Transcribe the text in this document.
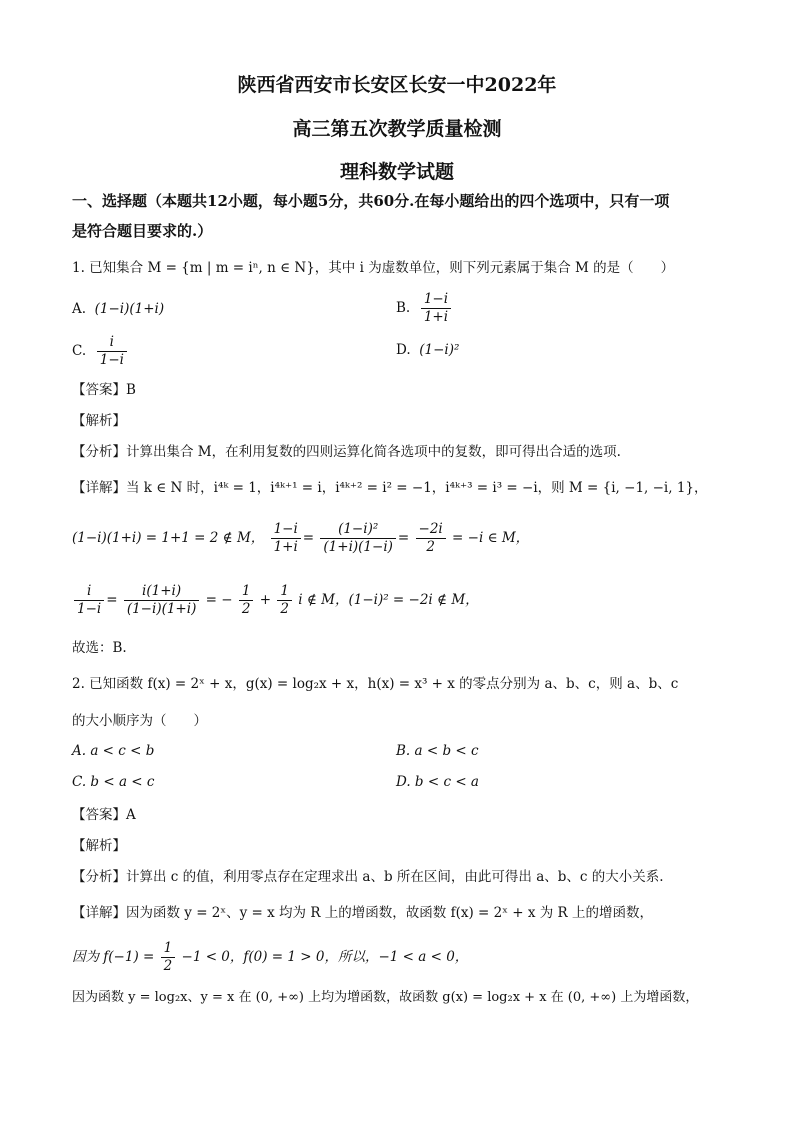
陕西省西安市长安区长安一中2022年
高三第五次教学质量检测
理科数学试题
一、选择题（本题共12小题，每小题5分，共60分.在每小题给出的四个选项中，只有一项
是符合题目要求的.）
1. 已知集合 M = {m | m = iⁿ, n ∈ N}，其中 i 为虚数单位，则下列元素属于集合 M 的是（　　）
A. (1−i)(1+i)	B. $\frac{1-i}{1+i}$
C. $\frac{i}{1-i}$	D. (1−i)²
【答案】B
【解析】
【分析】计算出集合 M，在利用复数的四则运算化简各选项中的复数，即可得出合适的选项.
【详解】当 k ∈ N 时，i⁴ᵏ = 1，i⁴ᵏ⁺¹ = i，i⁴ᵏ⁺² = i² = −1，i⁴ᵏ⁺³ = i³ = −i，则 M = {i, −1, −i, 1}，
(1−i)(1+i) = 1+1 = 2 ∉ M， $\frac{1-i}{1+i} = \frac{\text{(1−i)²}}{(1+i)(1-i)} = \frac{-2i}{2} = -i$ ∈ M，
$\frac{i}{1-i} = \frac{i(1+i)}{(1-i)(1+i)}$ = − $\frac{1}{2} + \frac{1}{2}$ i ∉ M，(1−i)² = −2i ∉ M，
故选：B.
2. 已知函数 f(x) = 2ˣ + x，g(x) = log₂x + x，h(x) = x³ + x 的零点分别为 a、b、c，则 a、b、c
的大小顺序为（　　）
A. a < c < b	B. a < b < c
C. b < a < c	D. b < c < a
【答案】A
【解析】
【分析】计算出 c 的值，利用零点存在定理求出 a、b 所在区间，由此可得出 a、b、c 的大小关系.
【详解】因为函数 y = 2ˣ、y = x 均为 R 上的增函数，故函数 f(x) = 2ˣ + x 为 R 上的增函数，
因为 $f(-1) = \frac{1}{2} -1 < 0$，f(0) = 1 > 0，所以，−1 < a < 0，
因为函数 y = log₂x、y = x 在 (0, +∞) 上均为增函数，故函数 g(x) = log₂x + x 在 (0, +∞) 上为增函数，
